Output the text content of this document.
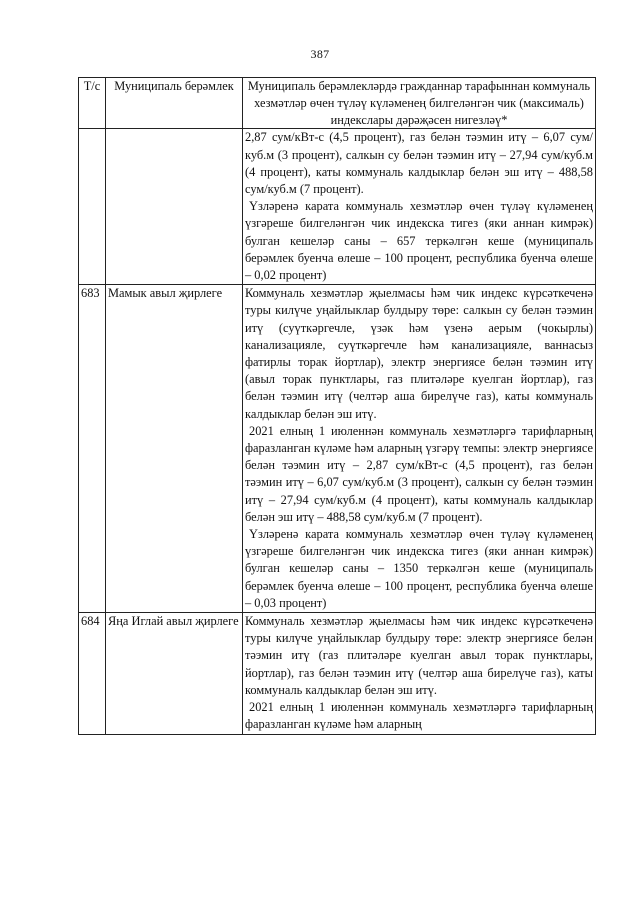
387
Т/с	Муниципаль берәмлек	Муниципаль берәмлекләрдә гражданнар тарафыннан коммуналь хезмәтләр өчен түләү күләменең билгеләнгән чик (максималь) индекслары дәрәҗәсен нигезләү*

		2,87 сум/кВт-с (4,5 процент), газ белән тәэмин итү – 6,07 сум/куб.м (3 процент), салкын су белән тәэмин итү – 27,94 сум/куб.м (4 процент), каты коммуналь калдыклар белән эш итү – 488,58 сум/куб.м (7 процент).

Үзләренә карата коммуналь хезмәтләр өчен түләү күләменең үзгәреше билгеләнгән чик индекска тигез (яки аннан кимрәк) булган кешеләр саны – 657 теркәлгән кеше (муниципаль берәмлек буенча өлеше – 100 процент, республика буенча өлеше – 0,02 процент)

683	Мамык авыл җирлеге	Коммуналь хезмәтләр җыелмасы һәм чик индекс күрсәткеченә туры килүче уңайлыклар булдыру төре: салкын су белән тәэмин итү (суүткәргечле, үзәк һәм үзенә аерым (чокырлы) канализацияле, суүткәргечле һәм канализацияле, ваннасыз фатирлы торак йортлар), электр энергиясе белән тәэмин итү (авыл торак пунктлары, газ плитәләре куелган йортлар), газ белән тәэмин итү (челтәр аша бирелүче газ), каты коммуналь калдыклар белән эш итү.

2021 елның 1 июленнән коммуналь хезмәтләргә тарифларның фаразланган күләме һәм аларның үзгәрү темпы: электр энергиясе белән тәэмин итү – 2,87 сум/кВт-с (4,5 процент), газ белән тәэмин итү – 6,07 сум/куб.м (3 процент), салкын су белән тәэмин итү – 27,94 сум/куб.м (4 процент), каты коммуналь калдыклар белән эш итү – 488,58 сум/куб.м (7 процент).

Үзләренә карата коммуналь хезмәтләр өчен түләү күләменең үзгәреше билгеләнгән чик индекска тигез (яки аннан кимрәк) булган кешеләр саны – 1350 теркәлгән кеше (муниципаль берәмлек буенча өлеше – 100 процент, республика буенча өлеше – 0,03 процент)

684	Яңа Иглай авыл җирлеге	Коммуналь хезмәтләр җыелмасы һәм чик индекс күрсәткеченә туры килүче уңайлыклар булдыру төре: электр энергиясе белән тәэмин итү (газ плитәләре куелган авыл торак пунктлары, йортлар), газ белән тәэмин итү (челтәр аша бирелүче газ), каты коммуналь калдыклар белән эш итү.

2021 елның 1 июленнән коммуналь хезмәтләргә тарифларның фаразланган күләме һәм аларның
